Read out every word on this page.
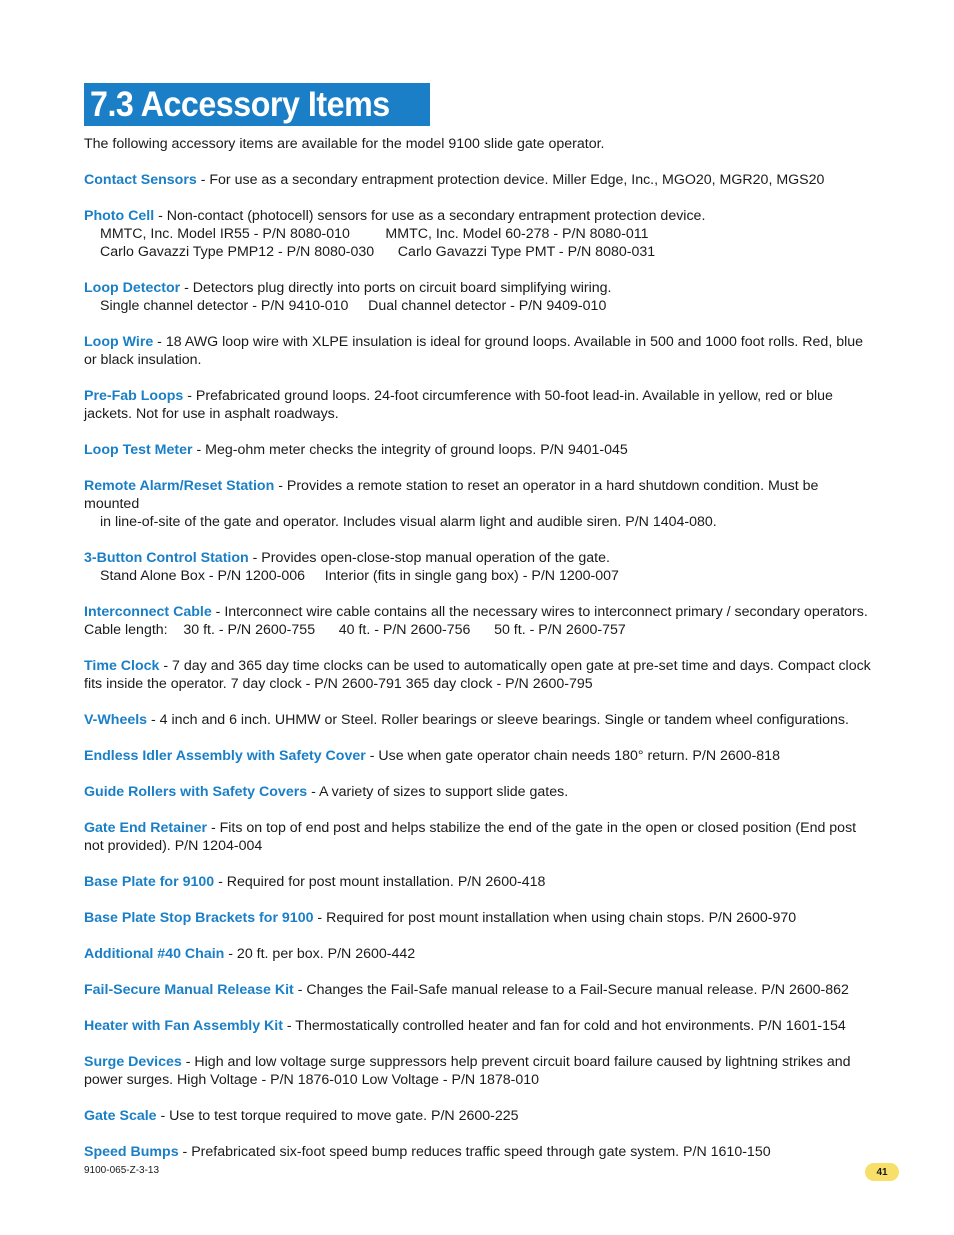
7.3 Accessory Items

The following accessory items are available for the model 9100 slide gate operator.

Contact Sensors - For use as a secondary entrapment protection device. Miller Edge, Inc., MGO20, MGR20, MGS20
Photo Cell - Non-contact (photocell) sensors for use as a secondary entrapment protection device.
MMTC, Inc. Model IR55 - P/N 8080-010         MMTC, Inc. Model 60-278 - P/N 8080-011
Carlo Gavazzi Type PMP12 - P/N 8080-030      Carlo Gavazzi Type PMT - P/N 8080-031
Loop Detector - Detectors plug directly into ports on circuit board simplifying wiring.
Single channel detector - P/N 9410-010     Dual channel detector - P/N 9409-010
Loop Wire - 18 AWG loop wire with XLPE insulation is ideal for ground loops. Available in 500 and 1000 foot rolls. Red, blue or black insulation.
Pre-Fab Loops - Prefabricated ground loops. 24-foot circumference with 50-foot lead-in. Available in yellow, red or blue jackets. Not for use in asphalt roadways.
Loop Test Meter - Meg-ohm meter checks the integrity of ground loops. P/N 9401-045
Remote Alarm/Reset Station - Provides a remote station to reset an operator in a hard shutdown condition. Must be mounted
in line-of-site of the gate and operator. Includes visual alarm light and audible siren. P/N 1404-080.
3-Button Control Station - Provides open-close-stop manual operation of the gate.
Stand Alone Box - P/N 1200-006     Interior (fits in single gang box) - P/N 1200-007
Interconnect Cable - Interconnect wire cable contains all the necessary wires to interconnect primary / secondary operators.
Cable length:    30 ft. - P/N 2600-755      40 ft. - P/N 2600-756      50 ft. - P/N 2600-757
Time Clock - 7 day and 365 day time clocks can be used to automatically open gate at pre-set time and days. Compact clock fits inside the operator. 7 day clock - P/N 2600-791 365 day clock - P/N 2600-795
V-Wheels - 4 inch and 6 inch. UHMW or Steel. Roller bearings or sleeve bearings. Single or tandem wheel configurations.
Endless Idler Assembly with Safety Cover - Use when gate operator chain needs 180° return. P/N 2600-818
Guide Rollers with Safety Covers - A variety of sizes to support slide gates.
Gate End Retainer - Fits on top of end post and helps stabilize the end of the gate in the open or closed position (End post not provided). P/N 1204-004
Base Plate for 9100 - Required for post mount installation. P/N 2600-418
Base Plate Stop Brackets for 9100 - Required for post mount installation when using chain stops. P/N 2600-970
Additional #40 Chain - 20 ft. per box. P/N 2600-442
Fail-Secure Manual Release Kit - Changes the Fail-Safe manual release to a Fail-Secure manual release. P/N 2600-862
Heater with Fan Assembly Kit - Thermostatically controlled heater and fan for cold and hot environments. P/N 1601-154
Surge Devices - High and low voltage surge suppressors help prevent circuit board failure caused by lightning strikes and power surges. High Voltage - P/N 1876-010 Low Voltage - P/N 1878-010
Gate Scale - Use to test torque required to move gate. P/N 2600-225
Speed Bumps - Prefabricated six-foot speed bump reduces traffic speed through gate system. P/N 1610-150
9100-065-Z-3-13	41
